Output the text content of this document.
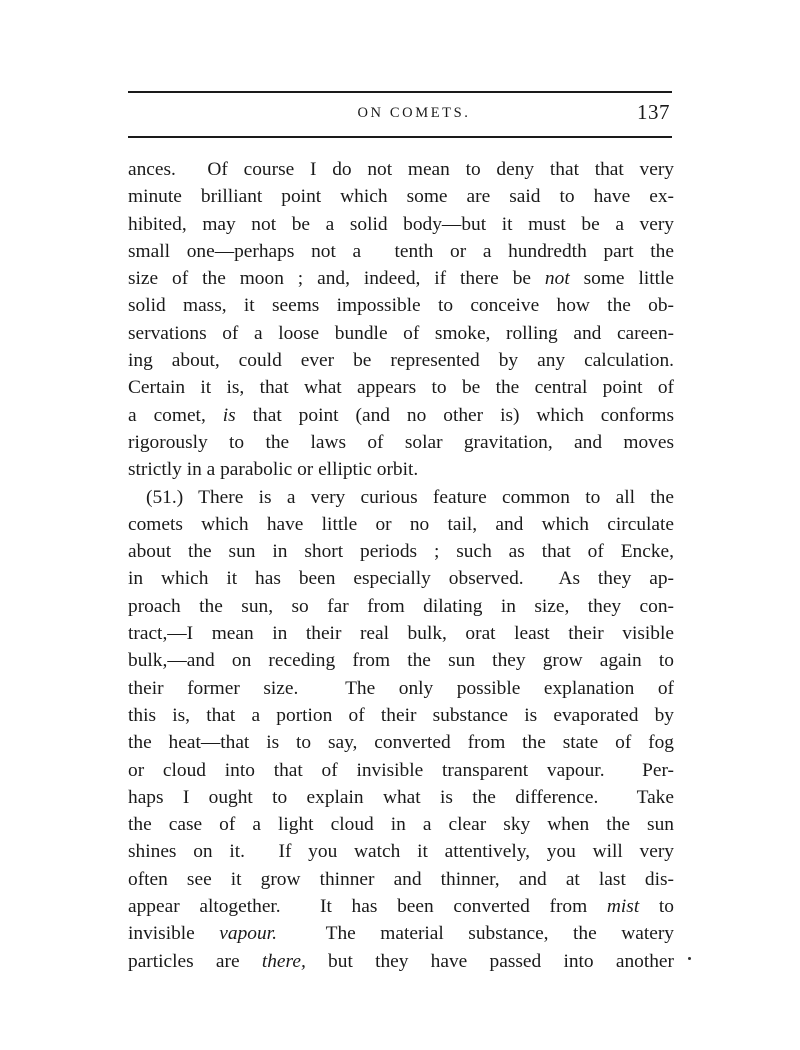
ON COMETS.	137
ances.  Of course I do not mean to deny that that very
minute brilliant point which some are said to have ex-
hibited, may not be a solid body—but it must be a very
small one—perhaps not a  tenth or a hundredth part the
size of the moon ; and, indeed, if there be not some little
solid mass, it seems impossible to conceive how the ob-
servations of a loose bundle of smoke, rolling and careen-
ing about, could ever be represented by any calculation.
Certain it is, that what appears to be the central point of
a comet, is that point (and no other is) which conforms
rigorously to the laws of solar gravitation, and moves
strictly in a parabolic or elliptic orbit.
(51.) There is a very curious feature common to all the
comets which have little or no tail, and which circulate
about the sun in short periods ; such as that of Encke,
in which it has been especially observed.  As they ap-
proach the sun, so far from dilating in size, they con-
tract,—I mean in their real bulk, orat least their visible
bulk,—and on receding from the sun they grow again to
their former size.  The only possible explanation of
this is, that a portion of their substance is evaporated by
the heat—that is to say, converted from the state of fog
or cloud into that of invisible transparent vapour.  Per-
haps I ought to explain what is the difference.  Take
the case of a light cloud in a clear sky when the sun
shines on it.  If you watch it attentively, you will very
often see it grow thinner and thinner, and at last dis-
appear altogether.  It has been converted from mist to
invisible vapour.  The material substance, the watery
particles are there, but they have passed into another
